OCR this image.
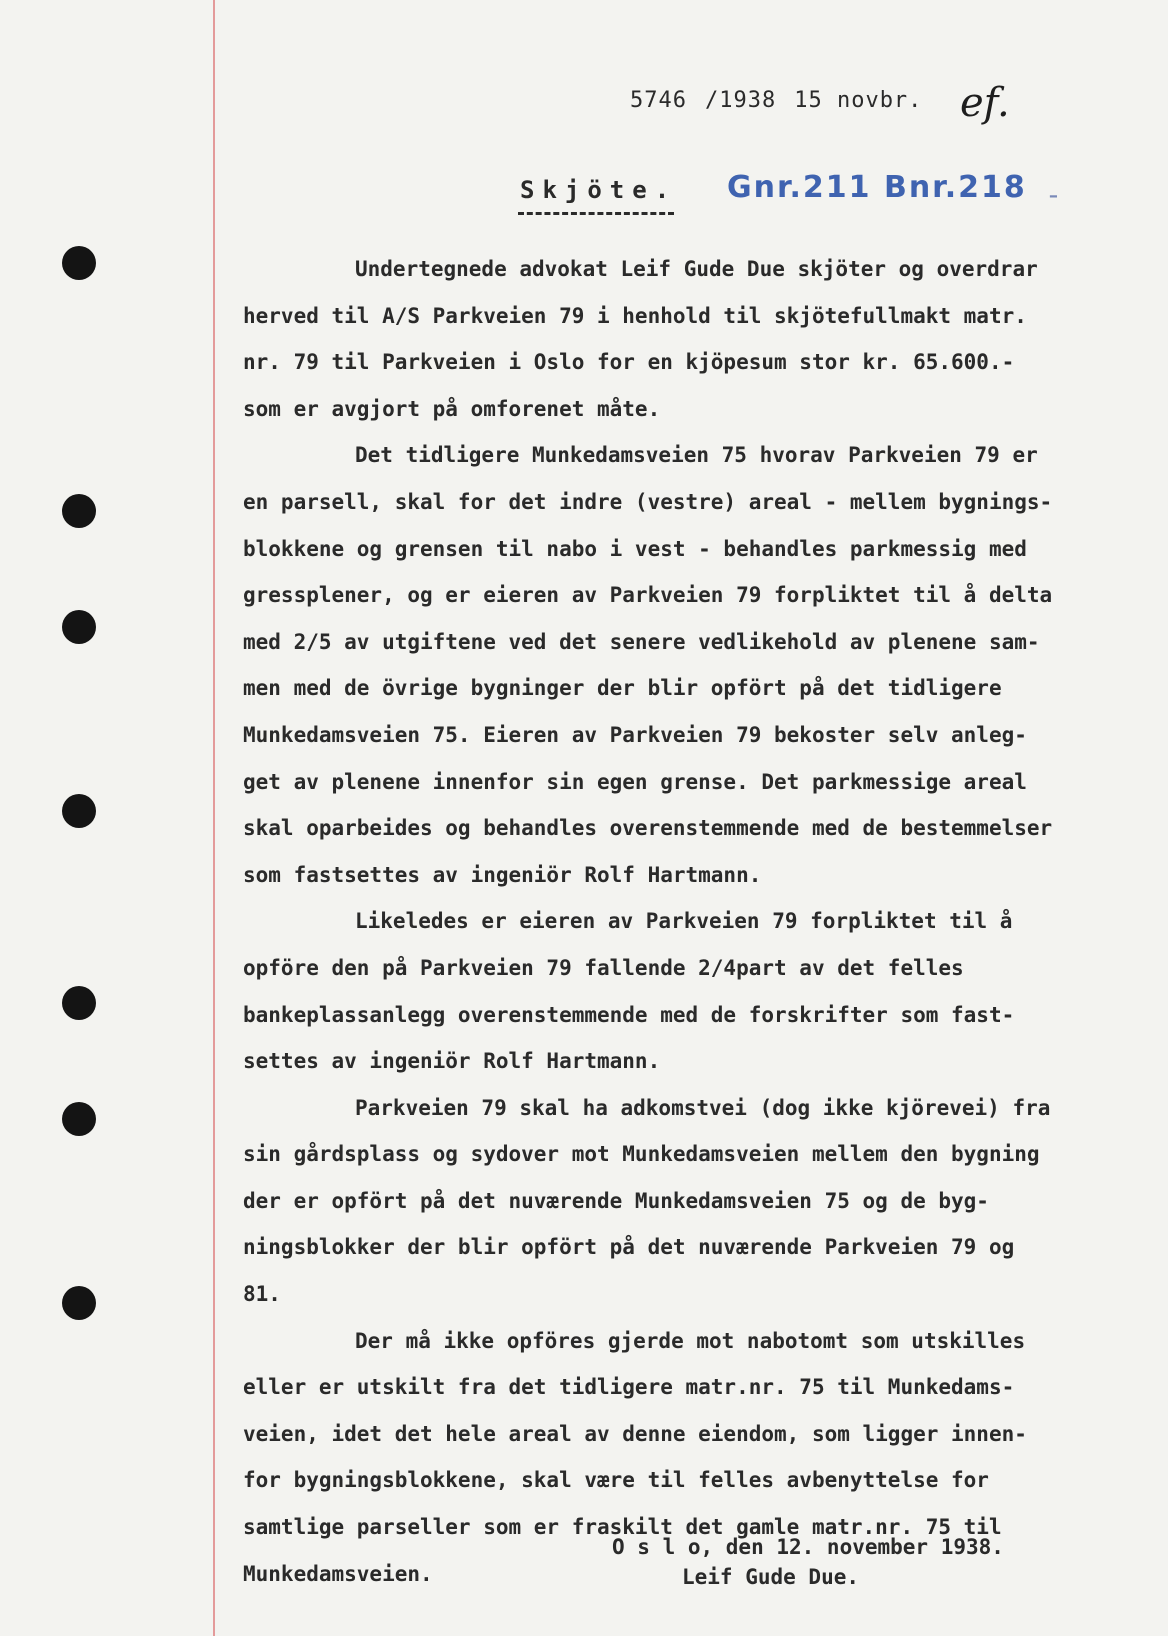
5746 /1938 15 novbr. ef.
Skjöte. Gnr.211 Bnr.218 -
Undertegnede advokat Leif Gude Due skjöter og overdrar
herved til A/S Parkveien 79 i henhold til skjötefullmakt matr.
nr. 79 til Parkveien i Oslo for en kjöpesum stor kr. 65.600.-
som er avgjort på omforenet måte.
Det tidligere Munkedamsveien 75 hvorav Parkveien 79 er
en parsell, skal for det indre (vestre) areal - mellem bygnings-
blokkene og grensen til nabo i vest - behandles parkmessig med
gressplener, og er eieren av Parkveien 79 forpliktet til å delta
med 2/5 av utgiftene ved det senere vedlikehold av plenene sam-
men med de övrige bygninger der blir opfört på det tidligere
Munkedamsveien 75. Eieren av Parkveien 79 bekoster selv anleg-
get av plenene innenfor sin egen grense. Det parkmessige areal
skal oparbeides og behandles overenstemmende med de bestemmelser
som fastsettes av ingeniör Rolf Hartmann.
Likeledes er eieren av Parkveien 79 forpliktet til å
opföre den på Parkveien 79 fallende 2/4part av det felles
bankeplassanlegg overenstemmende med de forskrifter som fast-
settes av ingeniör Rolf Hartmann.
Parkveien 79 skal ha adkomstvei (dog ikke kjörevei) fra
sin gårdsplass og sydover mot Munkedamsveien mellem den bygning
der er opfört på det nuværende Munkedamsveien 75 og de byg-
ningsblokker der blir opfört på det nuværende Parkveien 79 og
81.
Der må ikke opföres gjerde mot nabotomt som utskilles
eller er utskilt fra det tidligere matr.nr. 75 til Munkedams-
veien, idet det hele areal av denne eiendom, som ligger innen-
for bygningsblokkene, skal være til felles avbenyttelse for
samtlige parseller som er fraskilt det gamle matr.nr. 75 til
Munkedamsveien.
O s l o, den 12. november 1938.
Leif Gude Due.
